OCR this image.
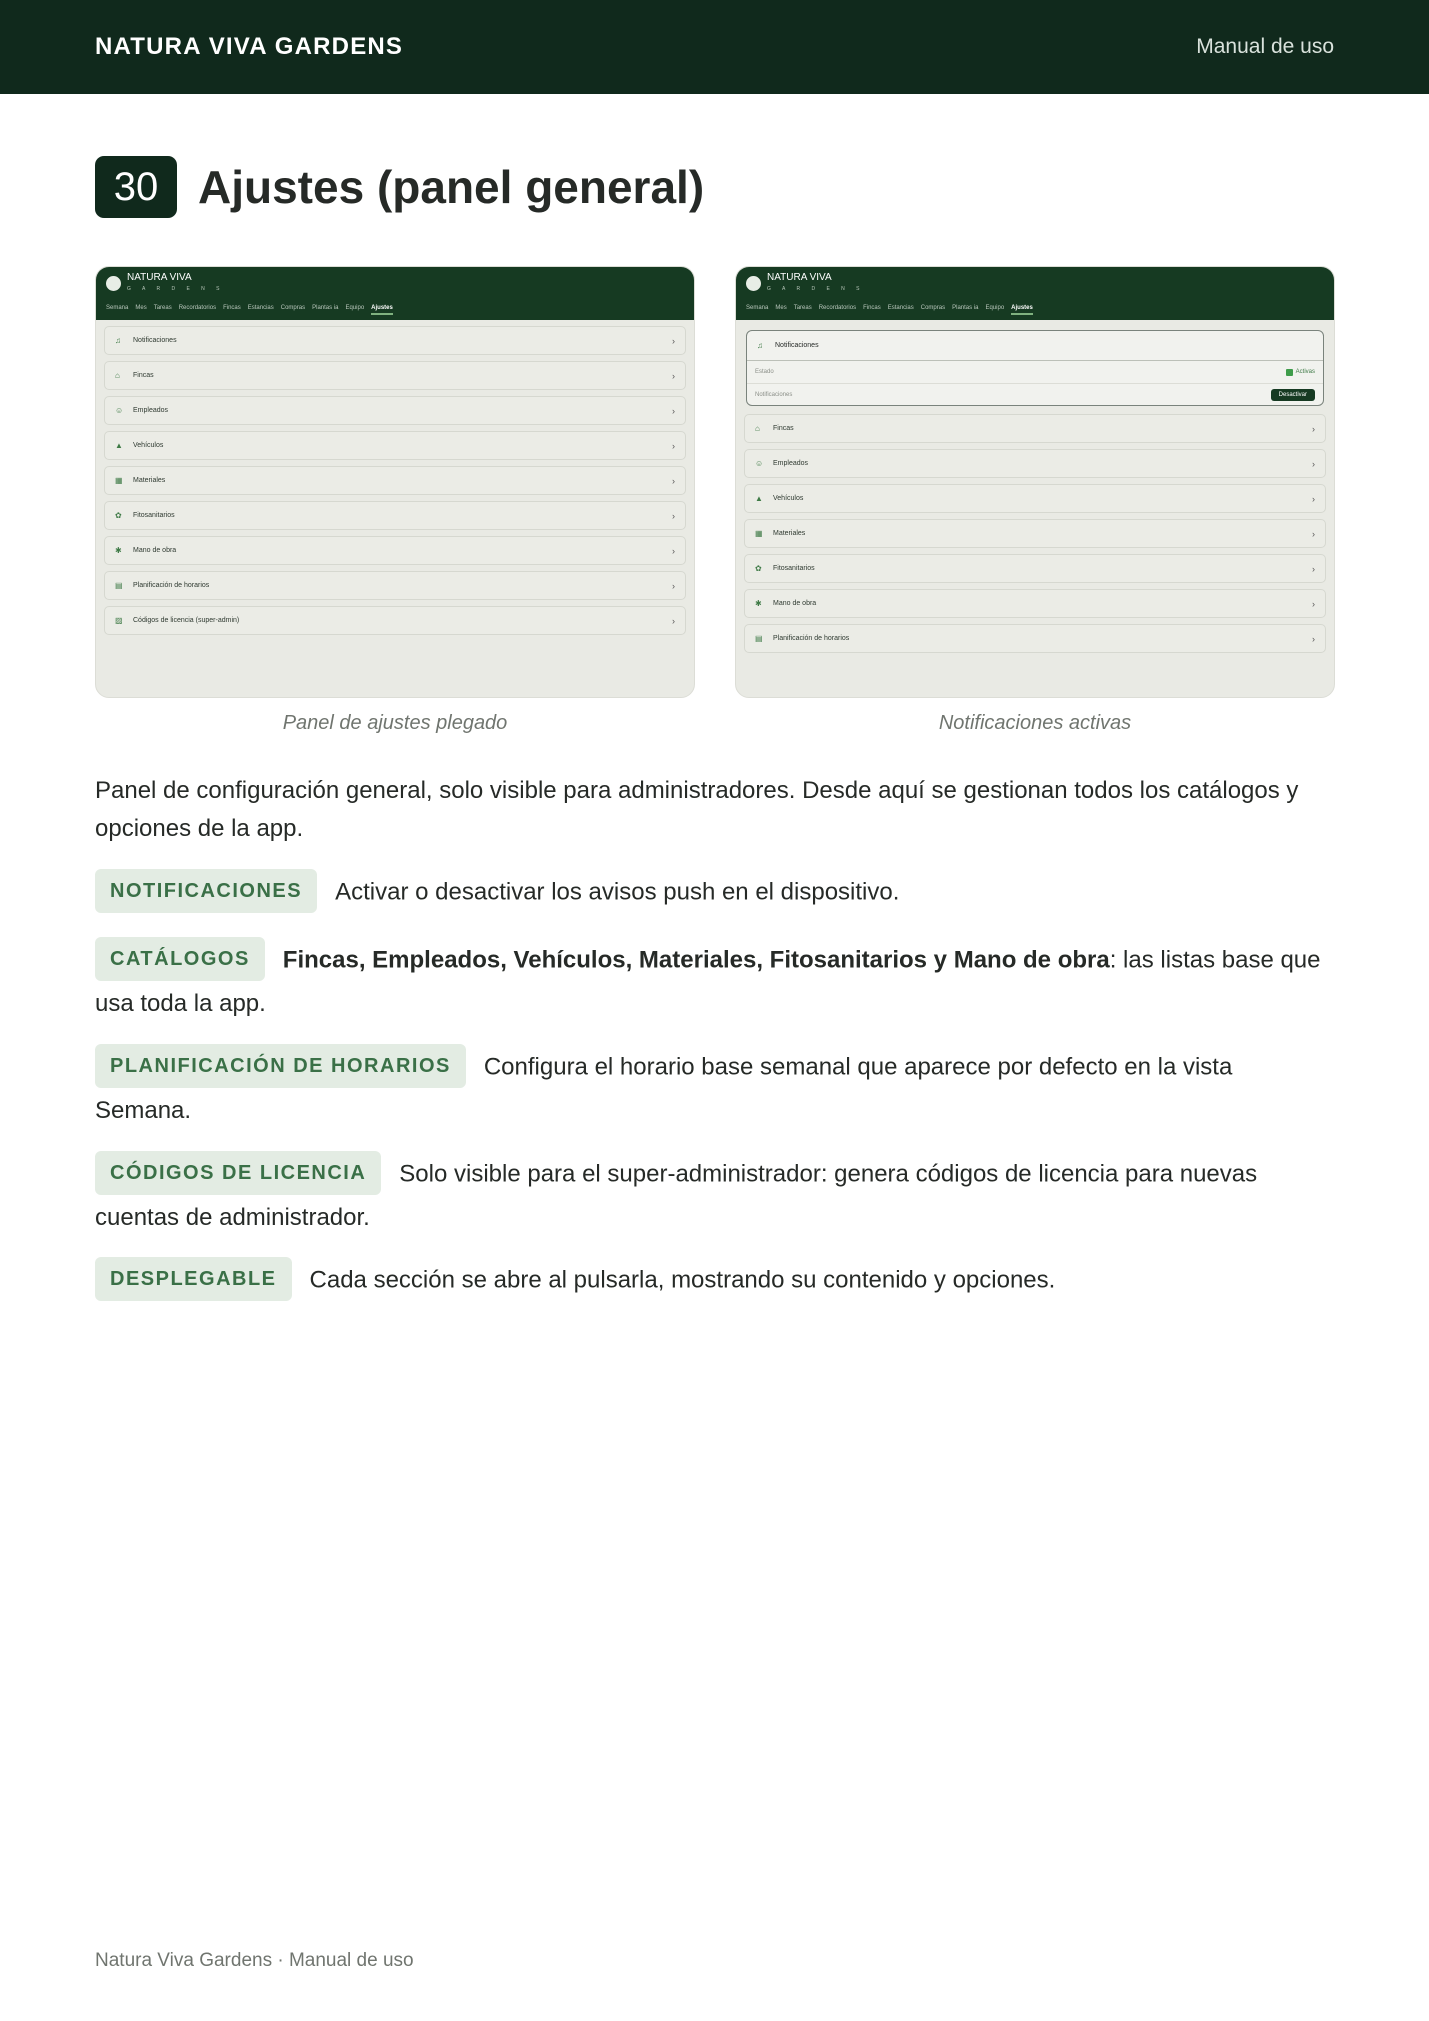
NATURA VIVA GARDENS	Manual de uso
30 Ajustes (panel general)
NATURA VIVA
G A R D E N S
Semana Mes Tareas Recordatorios Fincas Estancias Compras Plantas ia Equipo Ajustes
♫	Notificaciones	›
⌂	Fincas	›
☺	Empleados	›
▲	Vehículos	›
▦	Materiales	›
✿	Fitosanitarios	›
✱	Mano de obra	›
▤	Planificación de horarios	›
▨	Códigos de licencia (super-admin)	›
NATURA VIVA
G A R D E N S
Semana Mes Tareas Recordatorios Fincas Estancias Compras Plantas ia Equipo Ajustes
♫	Notificaciones
Estado	Activas
Notificaciones	Desactivar
⌂	Fincas	›
☺	Empleados	›
▲	Vehículos	›
▦	Materiales	›
✿	Fitosanitarios	›
✱	Mano de obra	›
▤	Planificación de horarios	›
Panel de ajustes plegado	Notificaciones activas

Panel de configuración general, solo visible para administradores. Desde aquí se gestionan todos los catálogos y opciones de la app.

NOTIFICACIONES Activar o desactivar los avisos push en el dispositivo.
CATÁLOGOS Fincas, Empleados, Vehículos, Materiales, Fitosanitarios y Mano de obra: las listas base que usa toda la app.
PLANIFICACIÓN DE HORARIOS Configura el horario base semanal que aparece por defecto en la vista Semana.
CÓDIGOS DE LICENCIA Solo visible para el super-administrador: genera códigos de licencia para nuevas cuentas de administrador.
DESPLEGABLE Cada sección se abre al pulsarla, mostrando su contenido y opciones.
Natura Viva Gardens · Manual de uso
